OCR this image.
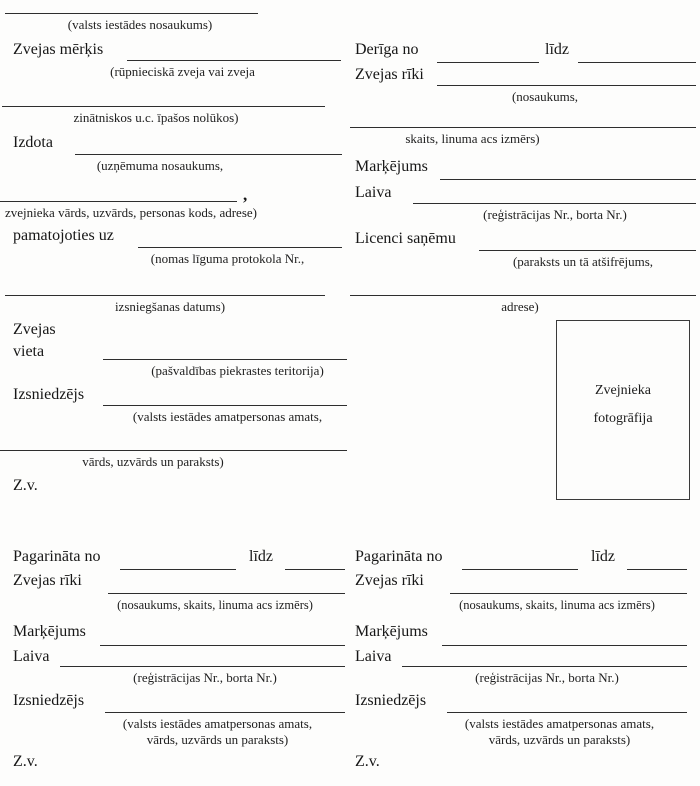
(valsts iestādes nosaukums)
Zvejas mērķis
(rūpnieciskā zveja vai zveja
zinātniskos u.c. īpašos nolūkos)
Izdota
(uzņēmuma nosaukums,
,
zvejnieka vārds, uzvārds, personas kods, adrese)
pamatojoties uz
(nomas līguma protokola Nr.,
izsniegšanas datums)
Zvejas
vieta
(pašvaldības piekrastes teritorija)
Izsniedzējs
(valsts iestādes amatpersonas amats,
vārds, uzvārds un paraksts)
Z.v.
Derīga no	līdz
Zvejas rīki
(nosaukums,
skaits, linuma acs izmērs)
Marķējums
Laiva
(reģistrācijas Nr., borta Nr.)
Licenci saņēmu
(paraksts un tā atšifrējums,
adrese)
Zvejnieka
fotogrāfija
Pagarināta no	līdz
Zvejas rīki
(nosaukums, skaits, linuma acs izmērs)
Marķējums
Laiva
(reģistrācijas Nr., borta Nr.)
Izsniedzējs
(valsts iestādes amatpersonas amats,
vārds, uzvārds un paraksts)
Z.v.
Pagarināta no	līdz
Zvejas rīki
(nosaukums, skaits, linuma acs izmērs)
Marķējums
Laiva
(reģistrācijas Nr., borta Nr.)
Izsniedzējs
(valsts iestādes amatpersonas amats,
vārds, uzvārds un paraksts)
Z.v.
